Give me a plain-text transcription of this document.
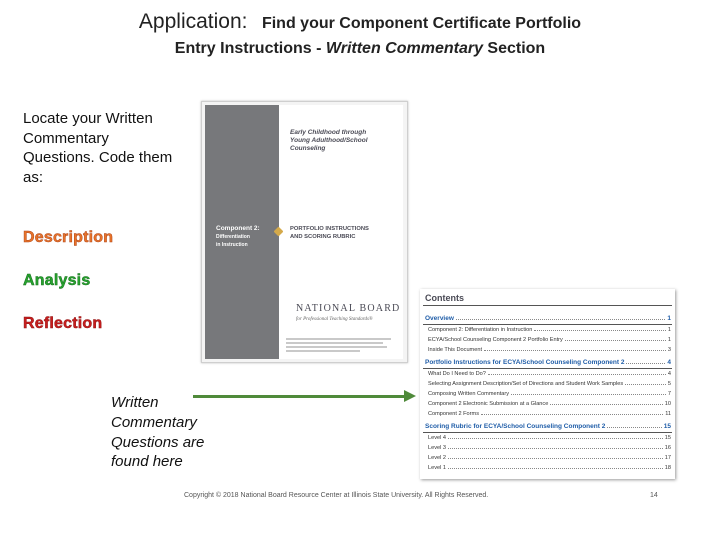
Application: Find your Component Certificate Portfolio
Entry Instructions - Written Commentary Section
Locate your Written Commentary Questions. Code them as:
Description
Analysis
Reflection
Early Childhood through
Young Adulthood/School
Counseling
Component 2:
Differentiation
in Instruction
PORTFOLIO INSTRUCTIONS
AND SCORING RUBRIC
NATIONAL BOARD
for Professional Teaching Standards®
Contents
Overview	1
Component 2: Differentiation in Instruction	1
ECYA/School Counseling Component 2 Portfolio Entry	1
Inside This Document	3
Portfolio Instructions for ECYA/School Counseling Component 2	4
What Do I Need to Do?	4
Selecting Assignment Description/Set of Directions and Student Work Samples	5
Composing Written Commentary	7
Component 2 Electronic Submission at a Glance	10
Component 2 Forms	11
Scoring Rubric for ECYA/School Counseling Component 2	15
Level 4	15
Level 3	16
Level 2	17
Level 1	18
Written Commentary Questions are found here
Copyright © 2018 National Board Resource Center at Illinois State University. All Rights Reserved.	14
